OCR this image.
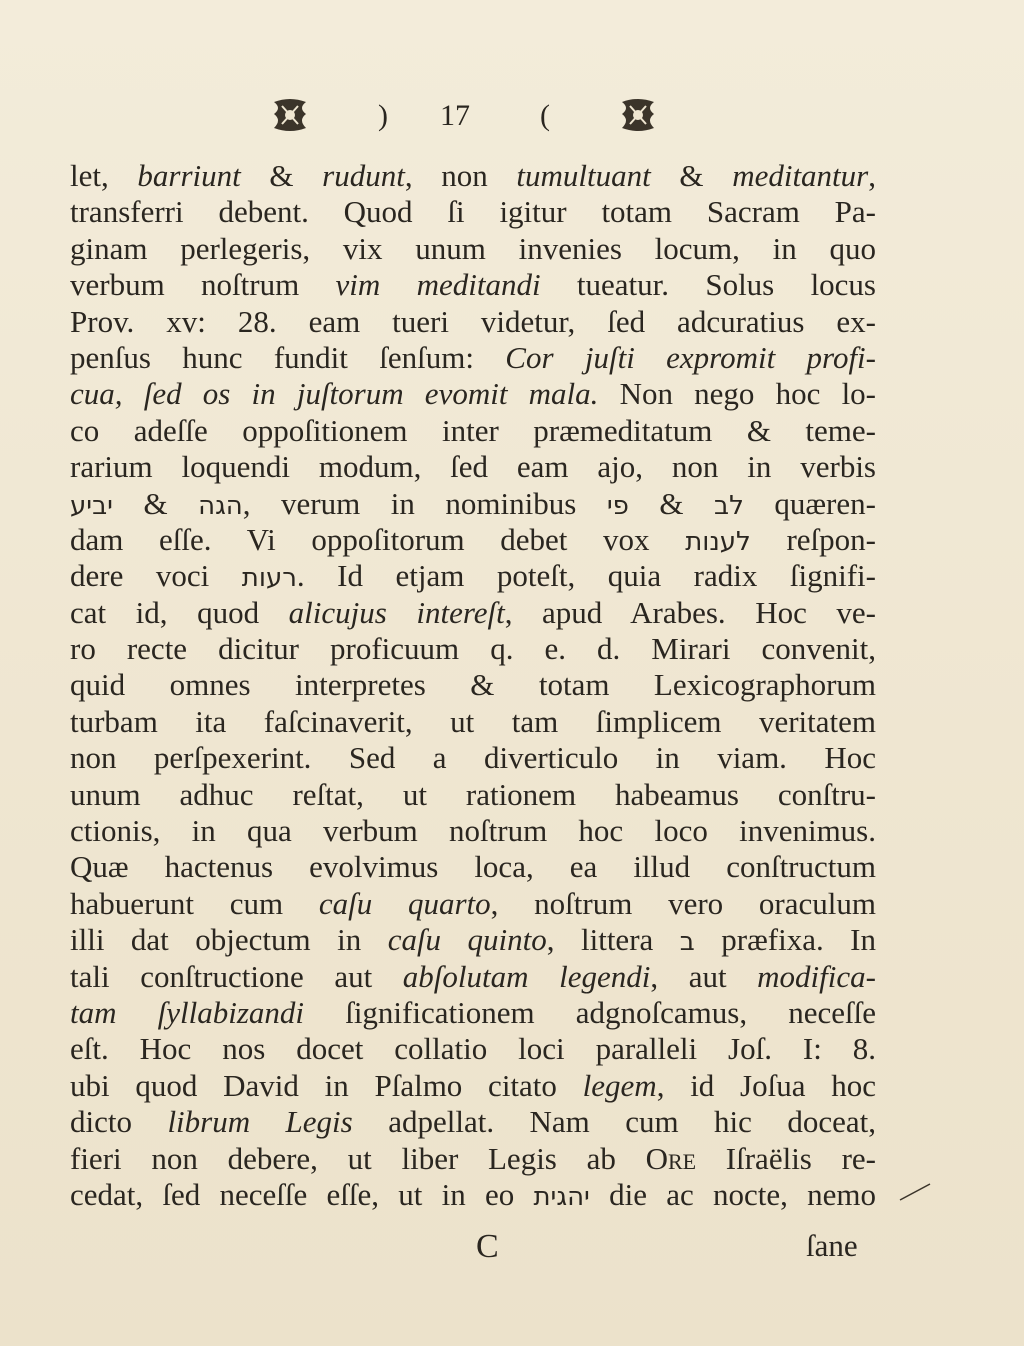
) 17 (
let, barriunt & rudunt, non tumultuant & meditantur,
transferri debent. Quod ſi igitur totam Sacram Pa-
ginam perlegeris, vix unum invenies locum, in quo
verbum noſtrum vim meditandi tueatur. Solus locus
Prov. xv: 28. eam tueri videtur, ſed adcuratius ex-
penſus hunc fundit ſenſum: Cor juſti expromit profi-
cua, ſed os in juſtorum evomit mala. Non nego hoc lo-
co adeſſe oppoſitionem inter præmeditatum & teme-
rarium loquendi modum, ſed eam ajo, non in verbis
יביע & הגה, verum in nominibus פי & לב quæren-
dam eſſe. Vi oppoſitorum debet vox לענות reſpon-
dere voci רעות. Id etjam poteſt, quia radix ſignifi-
cat id, quod alicujus intereſt, apud Arabes. Hoc ve-
ro recte dicitur proficuum q. e. d. Mirari convenit,
quid omnes interpretes & totam Lexicographorum
turbam ita faſcinaverit, ut tam ſimplicem veritatem
non perſpexerint. Sed a diverticulo in viam. Hoc
unum adhuc reſtat, ut rationem habeamus conſtru-
ctionis, in qua verbum noſtrum hoc loco invenimus.
Quæ hactenus evolvimus loca, ea illud conſtructum
habuerunt cum caſu quarto, noſtrum vero oraculum
illi dat objectum in caſu quinto, littera ב præfixa. In
tali conſtructione aut abſolutam legendi, aut modifica-
tam ſyllabizandi ſignificationem adgnoſcamus, neceſſe
eſt. Hoc nos docet collatio loci paralleli Joſ. I: 8.
ubi quod David in Pſalmo citato legem, id Joſua hoc
dicto librum Legis adpellat. Nam cum hic doceat,
fieri non debere, ut liber Legis ab Ore Iſraëlis re-
cedat, ſed neceſſe eſſe, ut in eo יהגית die ac nocte, nemo
C	ſane
